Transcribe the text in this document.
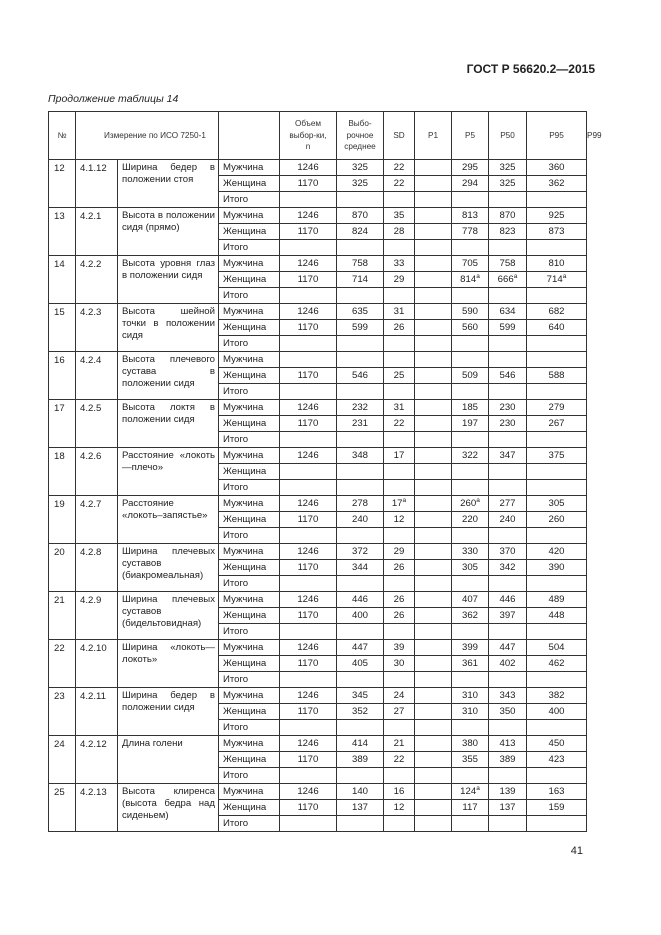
ГОСТ Р 56620.2—2015
Продолжение таблицы 14
№	Измерение по ИСО 7250-1			Объем выбор-ки, n	Выбо-рочное среднее	SD	P1	P5	P50	P95	P99
12	4.1.12	Ширина бедер в положении стоя	Мужчина	1246	325	22		295	325	360	
			Женщина	1170	325	22		294	325	362	
			Итого								
13	4.2.1	Высота в положении сидя (прямо)	Мужчина	1246	870	35		813	870	925	
			Женщина	1170	824	28		778	823	873	
			Итого								
14	4.2.2	Высота уровня глаз в положении сидя	Мужчина	1246	758	33		705	758	810	
			Женщина	1170	714	29		814$^a$	666$^a$	714$^a$	
			Итого								
15	4.2.3	Высота шейной точки в положении сидя	Мужчина	1246	635	31		590	634	682	
			Женщина	1170	599	26		560	599	640	
			Итого								
16	4.2.4	Высота плечевого сустава в положении сидя	Мужчина								
			Женщина	1170	546	25		509	546	588	
			Итого								
17	4.2.5	Высота локтя в положении сидя	Мужчина	1246	232	31		185	230	279	
			Женщина	1170	231	22		197	230	267	
			Итого								
18	4.2.6	Расстояние «локоть—плечо»	Мужчина	1246	348	17		322	347	375	
			Женщина								
			Итого								
19	4.2.7	Расстояние «локоть–запястье»	Мужчина	1246	278	17$^a$		260$^a$	277	305	
			Женщина	1170	240	12		220	240	260	
			Итого								
20	4.2.8	Ширина плечевых суставов (биакромеальная)	Мужчина	1246	372	29		330	370	420	
			Женщина	1170	344	26		305	342	390	
			Итого								
21	4.2.9	Ширина плечевых суставов (бидельтовидная)	Мужчина	1246	446	26		407	446	489	
			Женщина	1170	400	26		362	397	448	
			Итого								
22	4.2.10	Ширина «локоть—локоть»	Мужчина	1246	447	39		399	447	504	
			Женщина	1170	405	30		361	402	462	
			Итого								
23	4.2.11	Ширина бедер в положении сидя	Мужчина	1246	345	24		310	343	382	
			Женщина	1170	352	27		310	350	400	
			Итого								
24	4.2.12	Длина голени	Мужчина	1246	414	21		380	413	450	
			Женщина	1170	389	22		355	389	423	
			Итого								
25	4.2.13	Высота клиренса (высота бедра над сиденьем)	Мужчина	1246	140	16		124$^a$	139	163	
			Женщина	1170	137	12		117	137	159	
			Итого								
41
